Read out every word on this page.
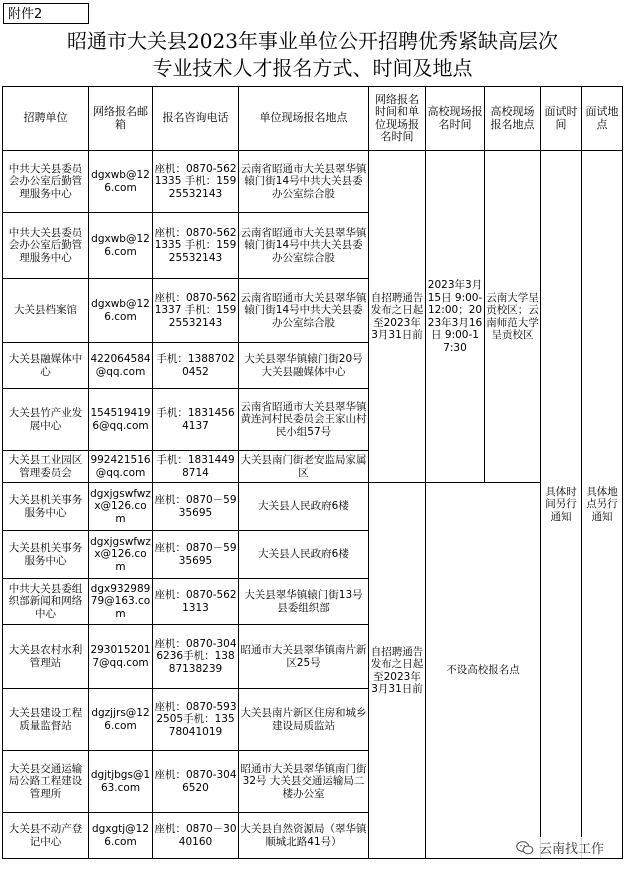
附件2
昭通市大关县2023年事业单位公开招聘优秀紧缺高层次
专业技术人才报名方式、时间及地点
招聘单位	网络报名邮箱	报名咨询电话	单位现场报名地点	网络报名时间和单位现场报名时间	高校现场报名时间	高校现场报名地点	面试时间	面试地点
中共大关县委员会办公室后勤管理服务中心	dgxwb@126.com	座机：0870-5621335 手机：15925532143	云南省昭通市大关县翠华镇辕门街14号中共大关县委办公室综合股	自招聘通告发布之日起至2023年3月31日前	2023年3月15日 9:00-12:00；2023年3月16日 9:00-17:30	云南大学呈贡校区；云南师范大学呈贡校区	具体时间另行通知	具体地点另行通知
中共大关县委员会办公室后勤管理服务中心	dgxwb@126.com	座机：0870-5621335 手机：15925532143	云南省昭通市大关县翠华镇辕门街14号中共大关县委办公室综合股					
大关县档案馆	dgxwb@126.com	座机：0870-5621337 手机：15925532143	云南省昭通市大关县翠华镇辕门街14号中共大关县委办公室综合股					
大关县融媒体中心	422064584@qq.com	手机：13887020452	大关县翠华镇辕门街20号大关县融媒体中心					
大关县竹产业发展中心	1545194196@qq.com	手机：18314564137	云南省昭通市大关县翠华镇黄连河村民委员会王家山村民小组57号					
大关县工业园区管理委员会	992421516@qq.com	手机：18314498714	大关县南门街老安监局家属区					
大关县机关事务服务中心	dgxjgswfwzx@126.com	座机：0870－5935695	大关县人民政府6楼	自招聘通告发布之日起至2023年3月31日前	不设高校报名点			
大关县机关事务服务中心	dgxjgswfwzx@126.com	座机：0870－5935695	大关县人民政府6楼					
中共大关县委组织部新闻和网络中心	dgx93298979@163.com	座机：0870-5621313	大关县翠华镇辕门街13号县委组织部					
大关县农村水利管理站	2930152017@qq.com	座机：0870-3046236手机：13887138239	昭通市大关县翠华镇南片新区25号					
大关县建设工程质量监督站	dgzjjrs@126.com	座机：0870-5932505手机：13578041019	大关县南片新区住房和城乡建设局质监站					
大关县交通运输局公路工程建设管理所	dgjtjbgs@163.com	座机：0870-3046520	昭通市大关县翠华镇南门街32号 大关县交通运输局二楼办公室					
大关县不动产登记中心	dgxgtj@126.com	座机：0870－3040160	大关县自然资源局（翠华镇顺城北路41号）					
云南找工作
